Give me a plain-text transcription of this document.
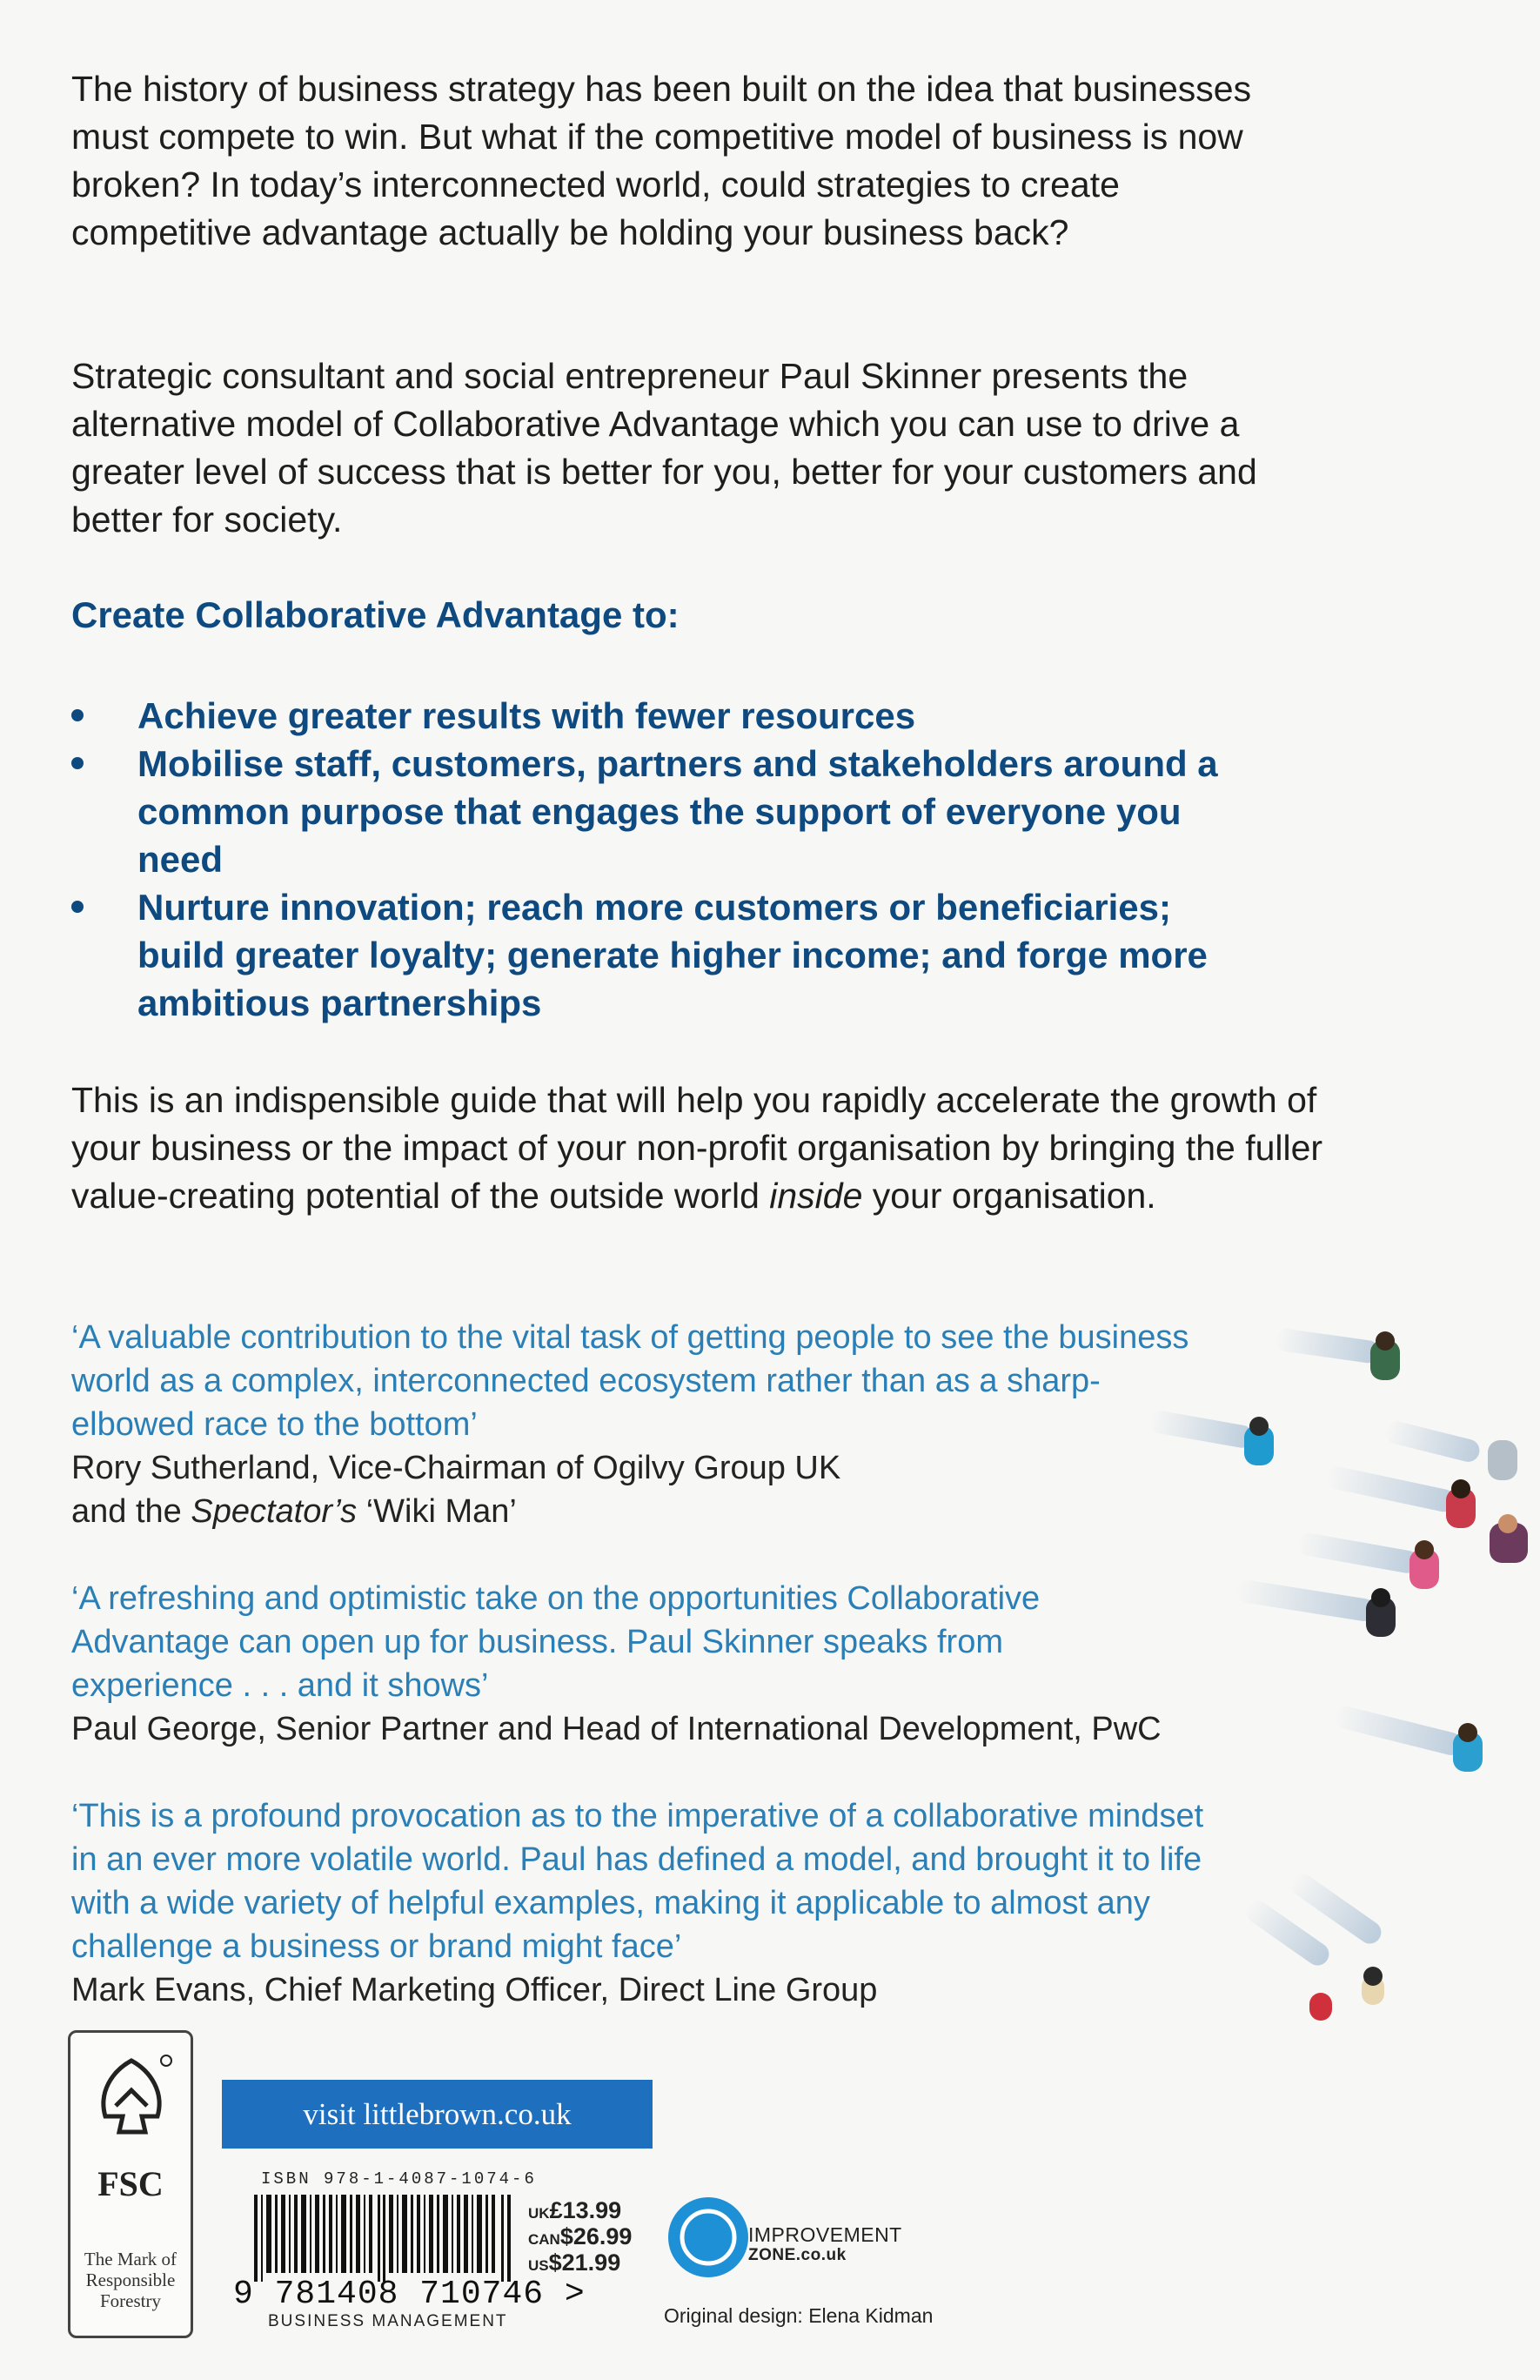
The history of business strategy has been built on the idea that businesses must compete to win. But what if the competitive model of business is now broken? In today’s interconnected world, could strategies to create competitive advantage actually be holding your business back?

Strategic consultant and social entrepreneur Paul Skinner presents the alternative model of Collaborative Advantage which you can use to drive a greater level of success that is better for you, better for your customers and better for society.

Create Collaborative Advantage to:
Achieve greater results with fewer resources
Mobilise staff, customers, partners and stakeholders around a common purpose that engages the support of everyone you need
Nurture innovation; reach more customers or beneficiaries; build greater loyalty; generate higher income; and forge more ambitious partnerships

This is an indispensible guide that will help you rapidly accelerate the growth of your business or the impact of your non-profit organisation by bringing the fuller value-creating potential of the outside world inside your organisation.

‘A valuable contribution to the vital task of getting people to see the business world as a complex, interconnected ecosystem rather than as a sharp-elbowed race to the bottom’

Rory Sutherland, Vice-Chairman of Ogilvy Group UK

and the Spectator’s ‘Wiki Man’

‘A refreshing and optimistic take on the opportunities Collaborative Advantage can open up for business. Paul Skinner speaks from experience . . . and it shows’

Paul George, Senior Partner and Head of International Development, PwC

‘This is a profound provocation as to the imperative of a collaborative mindset in an ever more volatile world. Paul has defined a model, and brought it to life with a wide variety of helpful examples, making it applicable to almost any challenge a business or brand might face’

Mark Evans, Chief Marketing Officer, Direct Line Group

FSC
The Mark of
Responsible
Forestry
visit littlebrown.co.uk
ISBN 978-1-4087-1074-6
9 781408 710746 >
BUSINESS MANAGEMENT
UK£13.99
CAN$26.99
US$21.99
IMPROVEMENT
ZONE.co.uk
Original design: Elena Kidman
